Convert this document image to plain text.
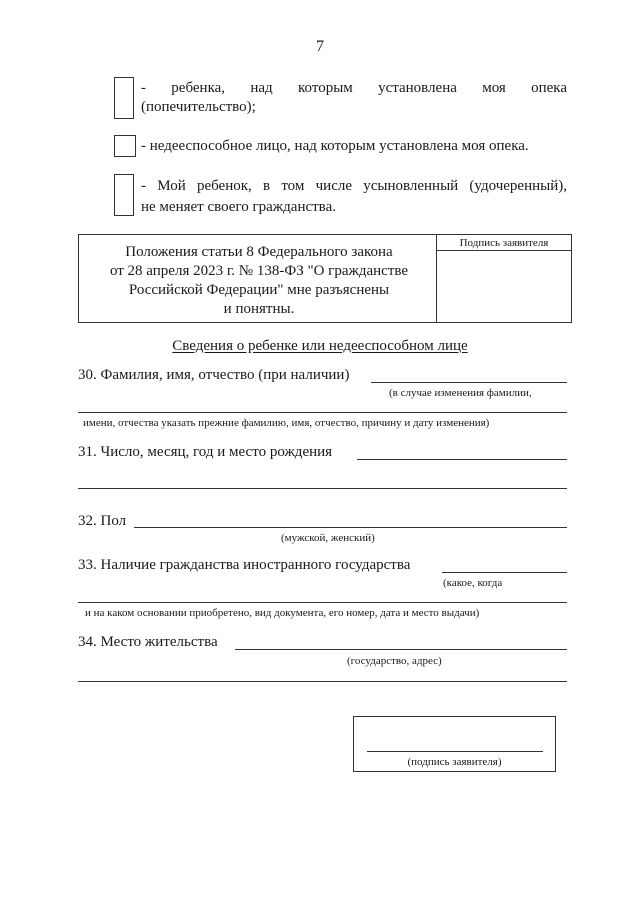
7
- ребенка, над которым установлена моя опека
(попечительство);
- недееспособное лицо, над которым установлена моя опека.
- Мой ребенок, в том числе усыновленный (удочеренный),
не меняет своего гражданства.
Положения статьи 8 Федерального закона
от 28 апреля 2023 г. № 138-ФЗ "О гражданстве
Российской Федерации" мне разъяснены
и понятны.
Подпись заявителя
Сведения о ребенке или недееспособном лице
30. Фамилия, имя, отчество (при наличии)
(в случае изменения фамилии,
имени, отчества указать прежние фамилию, имя, отчество, причину и дату изменения)
31. Число, месяц, год и место рождения
32. Пол
(мужской, женский)
33. Наличие гражданства иностранного государства
(какое, когда
и на каком основании приобретено, вид документа, его номер, дата и место выдачи)
34. Место жительства
(государство, адрес)
(подпись заявителя)
